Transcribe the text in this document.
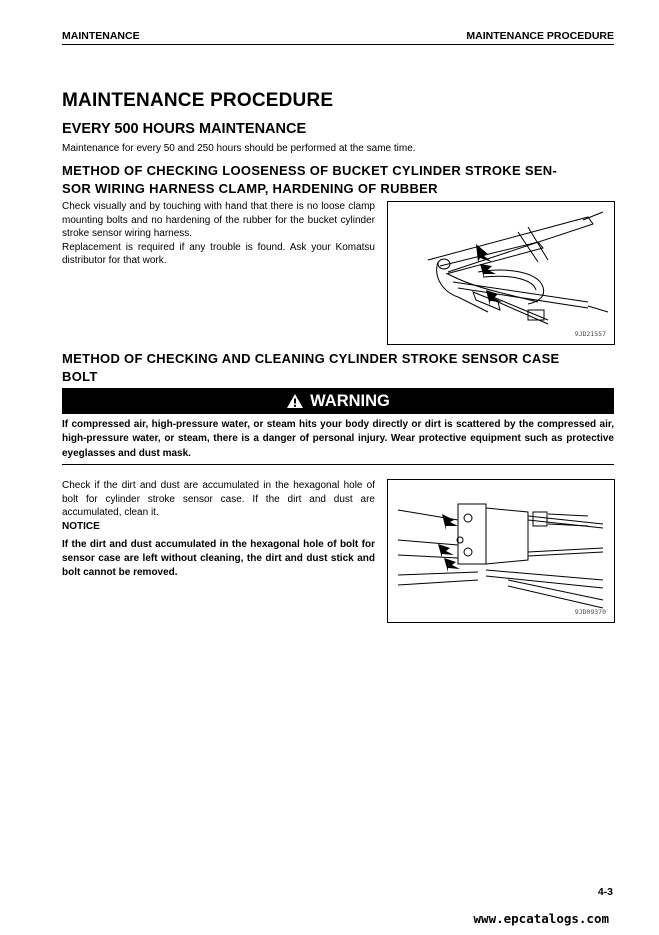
MAINTENANCE	MAINTENANCE PROCEDURE
MAINTENANCE PROCEDURE
EVERY 500 HOURS MAINTENANCE
Maintenance for every 50 and 250 hours should be performed at the same time.
METHOD OF CHECKING LOOSENESS OF BUCKET CYLINDER STROKE SEN-
SOR WIRING HARNESS CLAMP, HARDENING OF RUBBER
Check visually and by touching with hand that there is no loose clamp mounting bolts and no hardening of the rubber for the bucket cylinder stroke sensor wiring harness.
Replacement is required if any trouble is found. Ask your Komatsu distributor for that work.
9JD21557
METHOD OF CHECKING AND CLEANING CYLINDER STROKE SENSOR CASE
BOLT
WARNING
If compressed air, high-pressure water, or steam hits your body directly or dirt is scattered by the compressed air, high-pressure water, or steam, there is a danger of personal injury. Wear protective equipment such as protective eyeglasses and dust mask.
Check if the dirt and dust are accumulated in the hexagonal hole of bolt for cylinder stroke sensor case. If the dirt and dust are accumulated, clean it.
NOTICE
If the dirt and dust accumulated in the hexagonal hole of bolt for sensor case are left without cleaning, the dirt and dust stick and bolt cannot be removed.
9JD09370
4-3
www.epcatalogs.com
